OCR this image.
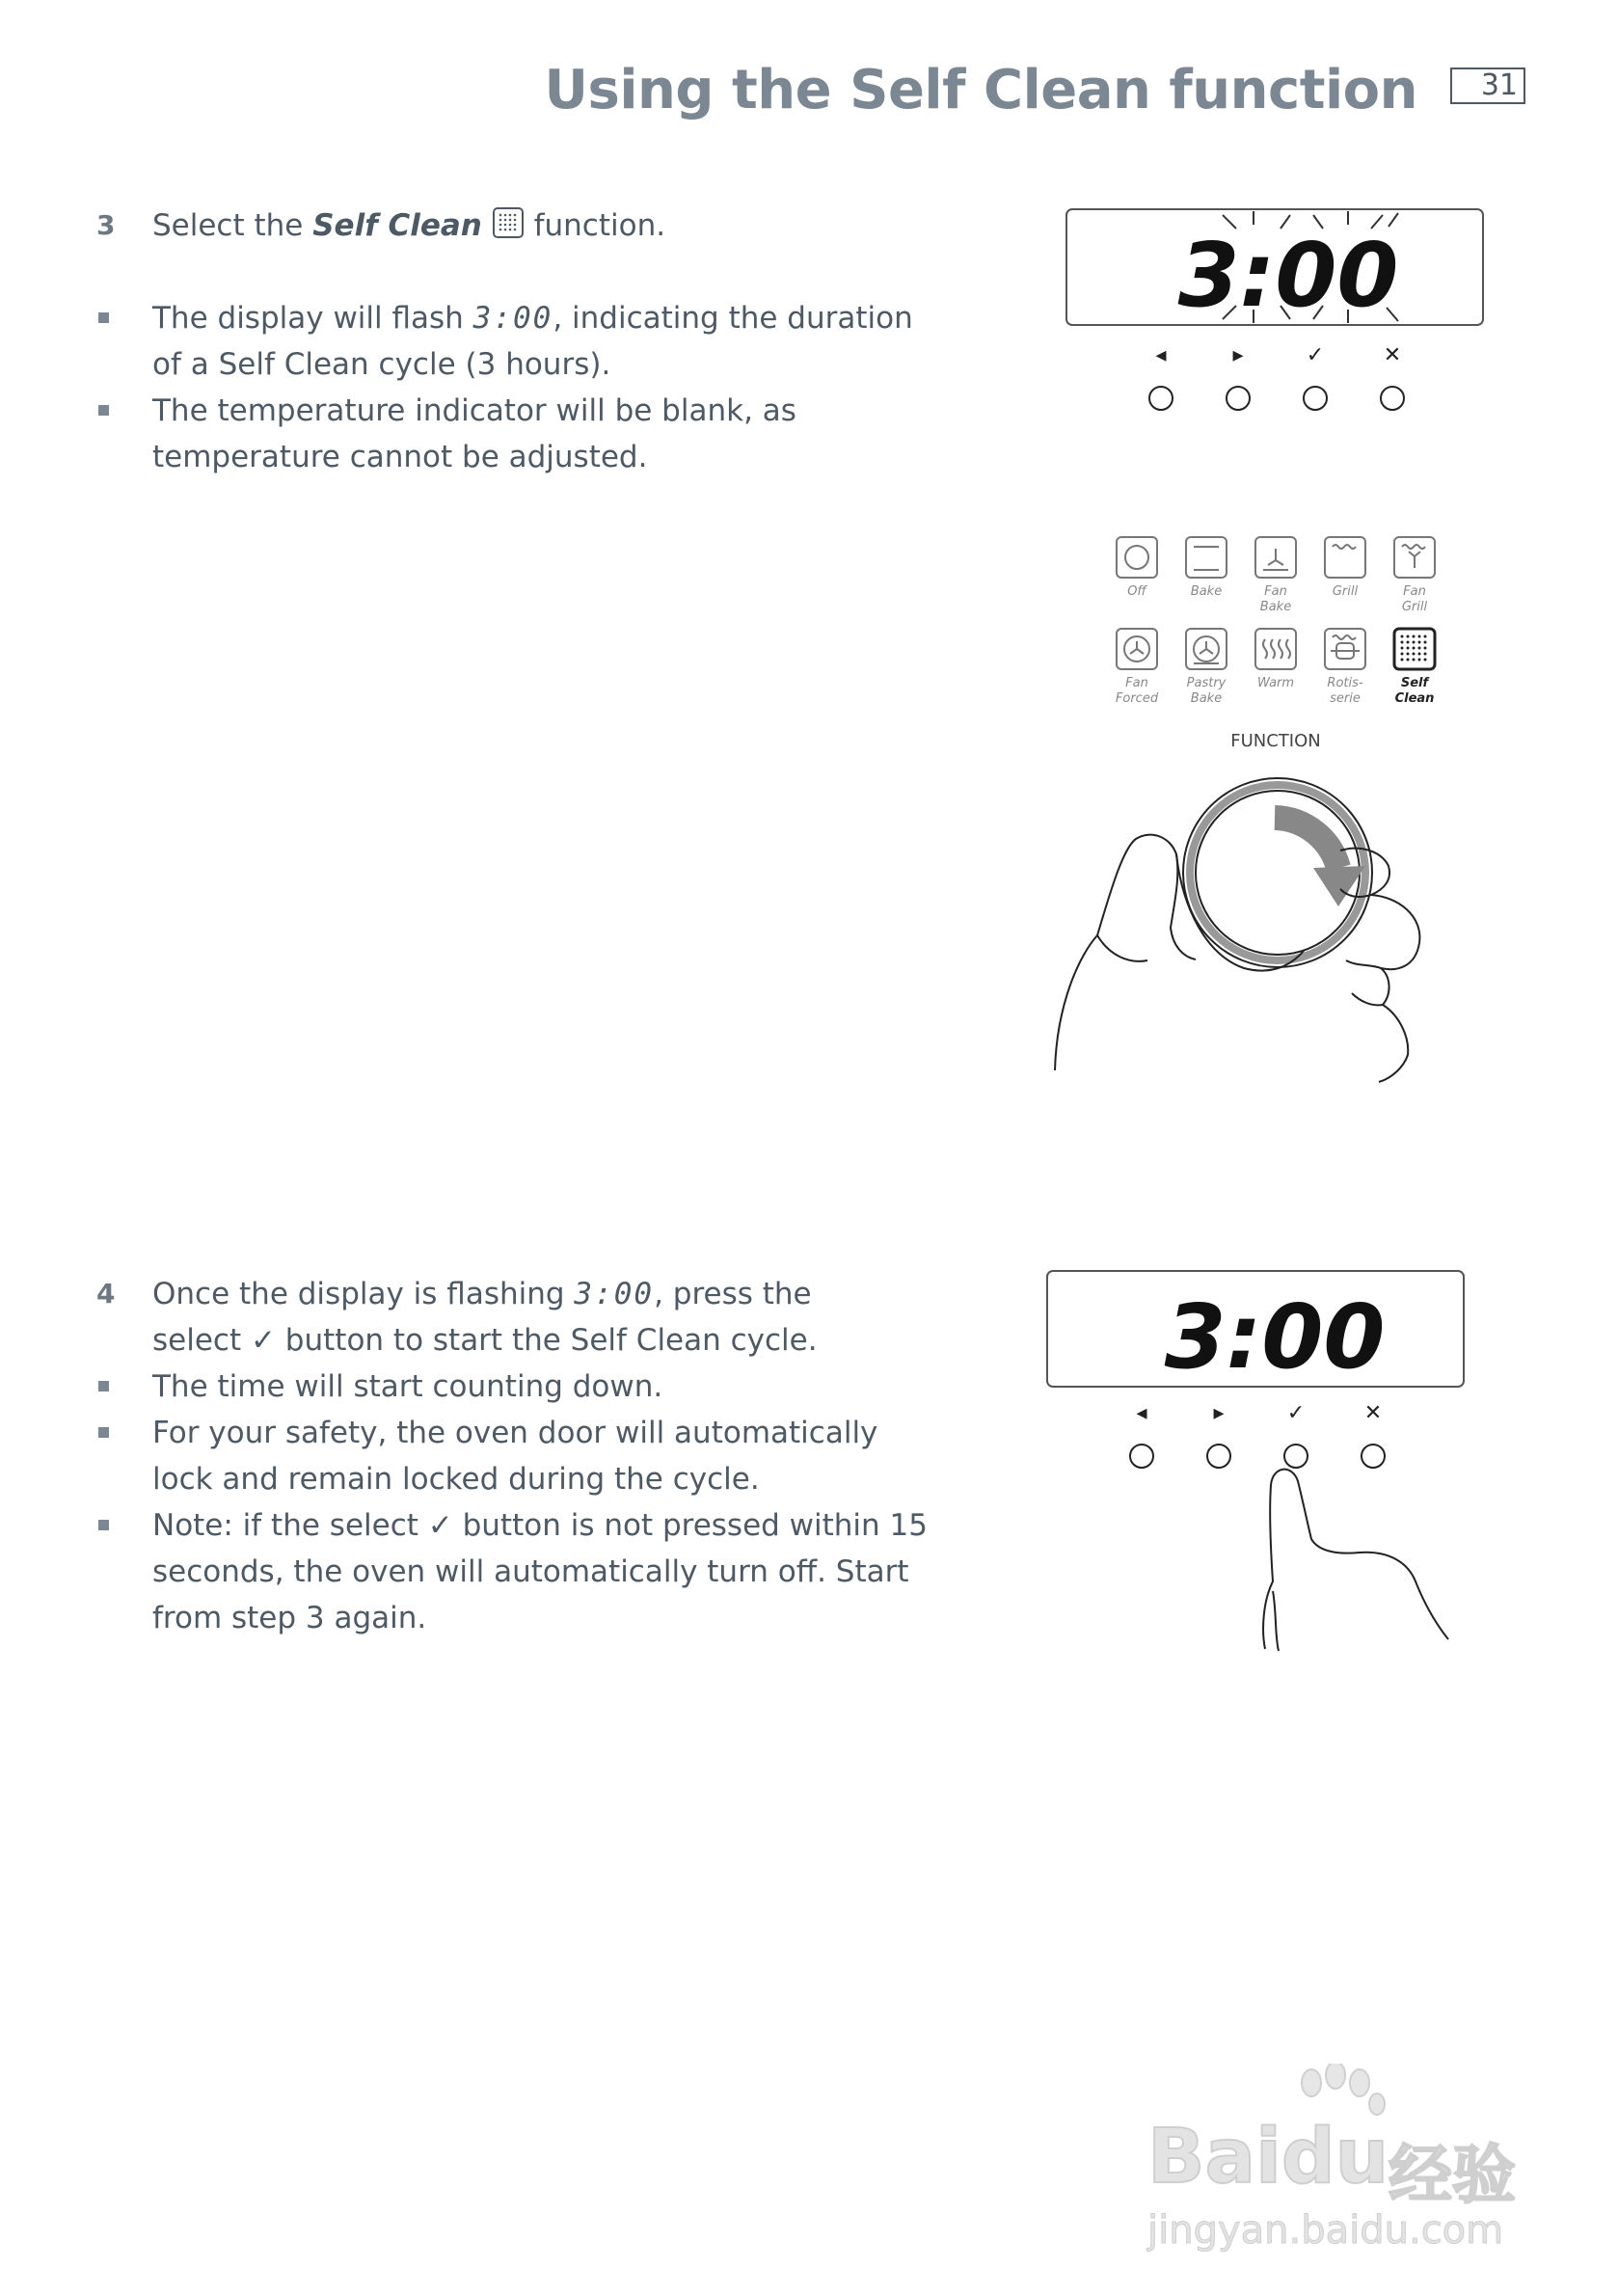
Using the Self Clean function	31
3 Select the Self Clean  function.
The display will flash 3:00, indicating the duration
of a Self Clean cycle (3 hours).
The temperature indicator will be blank, as
temperature cannot be adjusted.
4 Once the display is flashing 3:00, press the
select ✓ button to start the Self Clean cycle.
The time will start counting down.
For your safety, the oven door will automatically
lock and remain locked during the cycle.
Note: if the select ✓ button is not pressed within 15
seconds, the oven will automatically turn off. Start
from step 3 again.
3:00
◂	▸	✓	✕
Off	Bake	Fan
Bake
Grill	Fan
Grill
Fan
Forced
Pastry
Bake
Warm	Rotis-
serie
Self
Clean
FUNCTION
3:00
◂	▸	✓	✕
Baidu 经验
jingyan.baidu.com
